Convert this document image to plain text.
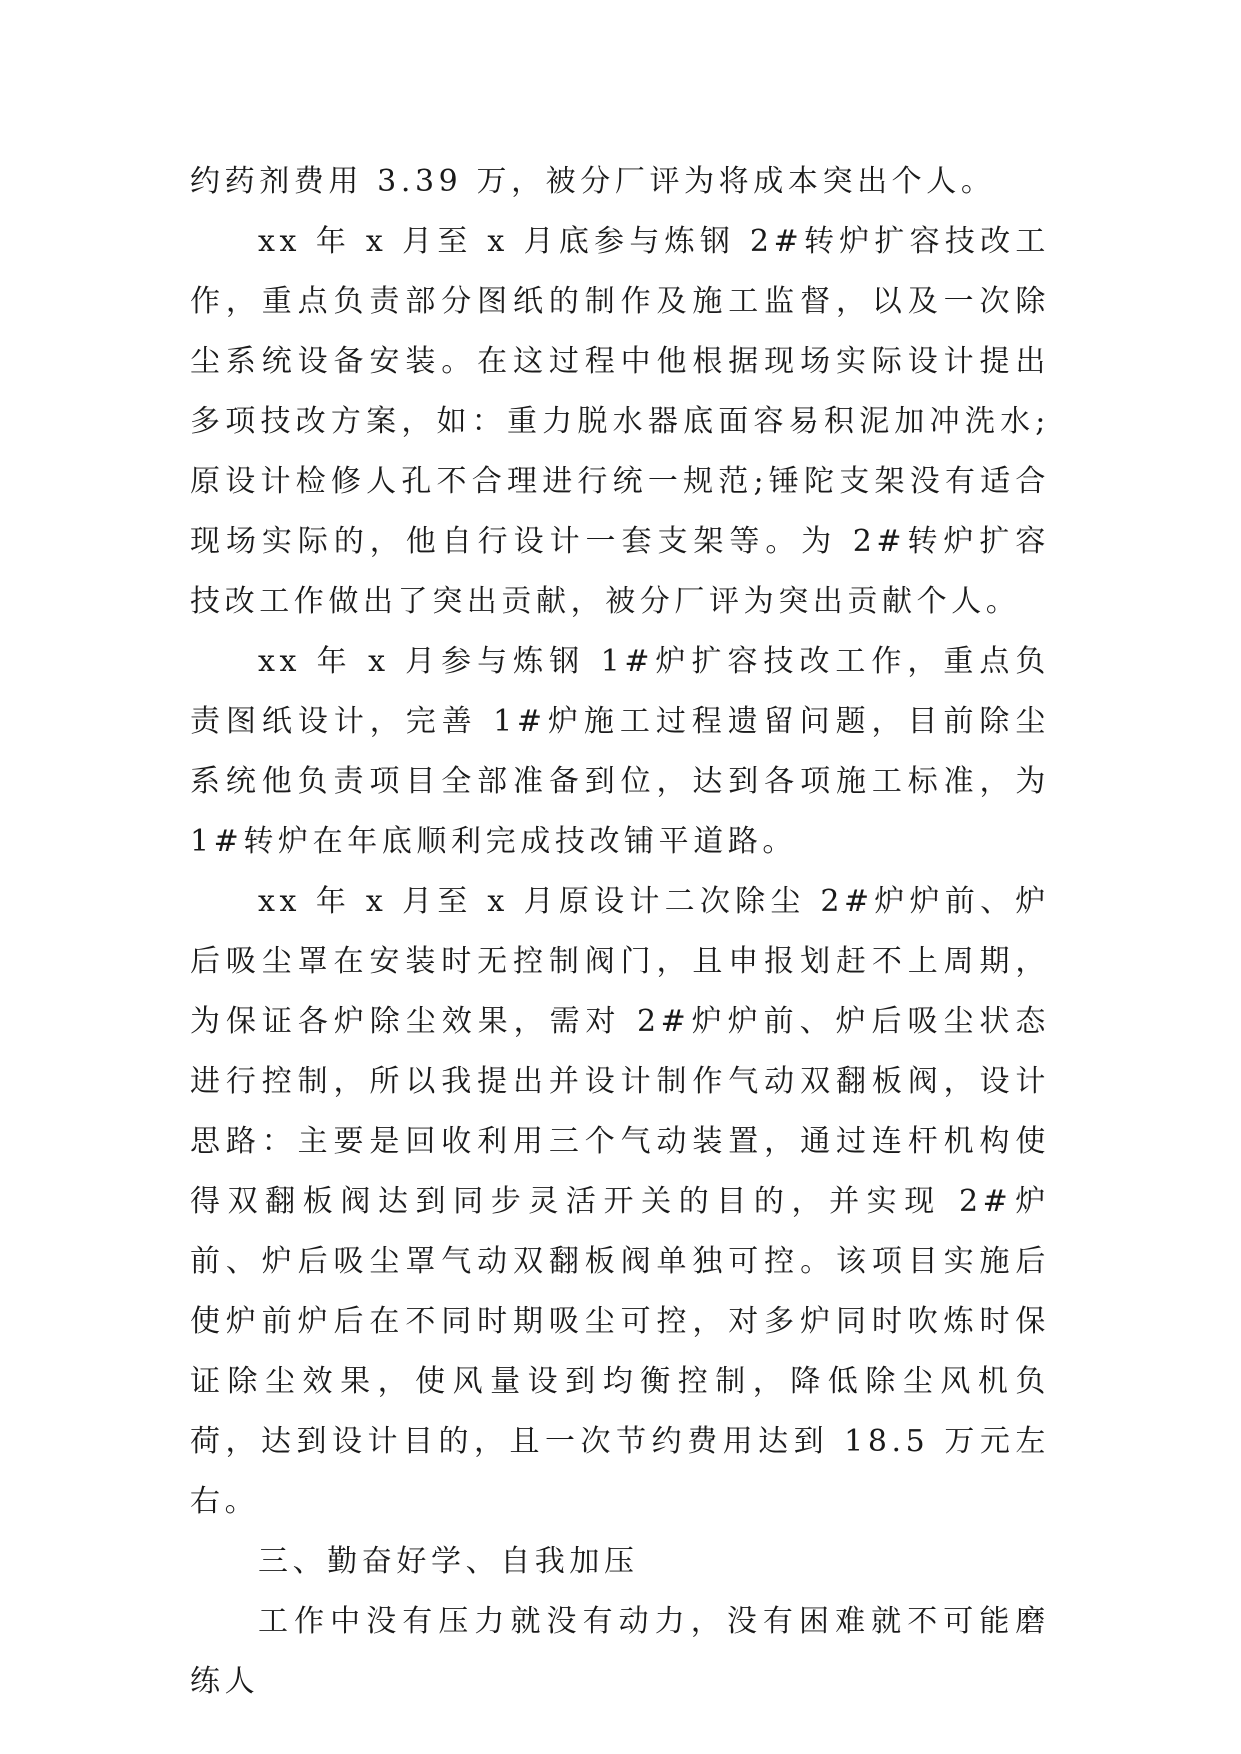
约药剂费用 3.39 万，被分厂评为将成本突出个人。

xx 年 x 月至 x 月底参与炼钢 2#转炉扩容技改工作，重点负责部分图纸的制作及施工监督，以及一次除尘系统设备安装。在这过程中他根据现场实际设计提出多项技改方案，如：重力脱水器底面容易积泥加冲洗水;原设计检修人孔不合理进行统一规范;锤陀支架没有适合现场实际的，他自行设计一套支架等。为 2#转炉扩容技改工作做出了突出贡献，被分厂评为突出贡献个人。

xx 年 x 月参与炼钢 1#炉扩容技改工作，重点负责图纸设计，完善 1#炉施工过程遗留问题，目前除尘系统他负责项目全部准备到位，达到各项施工标准，为 1#转炉在年底顺利完成技改铺平道路。

xx 年 x 月至 x 月原设计二次除尘 2#炉炉前、炉后吸尘罩在安装时无控制阀门，且申报划赶不上周期，为保证各炉除尘效果，需对 2#炉炉前、炉后吸尘状态进行控制，所以我提出并设计制作气动双翻板阀，设计思路：主要是回收利用三个气动装置，通过连杆机构使得双翻板阀达到同步灵活开关的目的，并实现 2#炉前、炉后吸尘罩气动双翻板阀单独可控。该项目实施后使炉前炉后在不同时期吸尘可控，对多炉同时吹炼时保证除尘效果，使风量设到均衡控制，降低除尘风机负荷，达到设计目的，且一次节约费用达到 18.5 万元左右。

三、勤奋好学、自我加压

工作中没有压力就没有动力，没有困难就不可能磨练人
